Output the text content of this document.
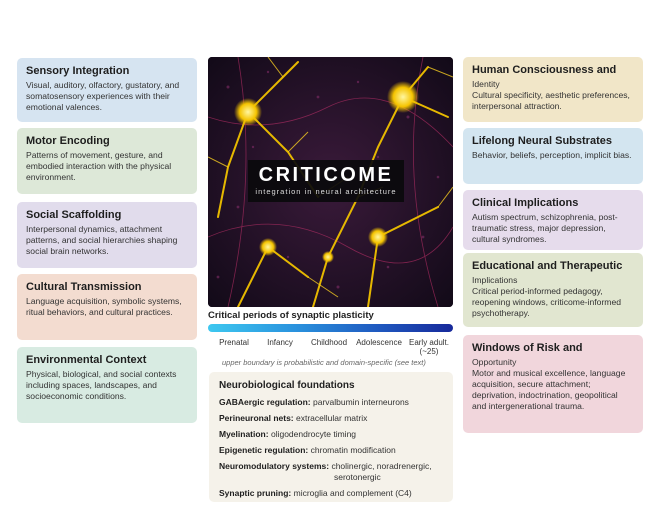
Sensory Integration

Visual, auditory, olfactory, gustatory, and somatosensory experiences with their emotional valences.

Motor Encoding

Patterns of movement, gesture, and embodied interaction with the physical environment.

Social Scaffolding

Interpersonal dynamics, attachment patterns, and social hierarchies shaping social brain networks.

Cultural Transmission

Language acquisition, symbolic systems, ritual behaviors, and cultural practices.

Environmental Context

Physical, biological, and social contexts including spaces, landscapes, and socioeconomic conditions.

Human Consciousness and

Identity

Cultural specificity, aesthetic preferences, interpersonal attraction.

Lifelong Neural Substrates

Behavior, beliefs, perception, implicit bias.

Clinical Implications

Autism spectrum, schizophrenia, post-traumatic stress, major depression, cultural syndromes.

Educational and Therapeutic

Implications

Critical period-informed pedagogy, reopening windows, criticome-informed psychotherapy.

Windows of Risk and

Opportunity

Motor and musical excellence, language acquisition, secure attachment; deprivation, indoctrination, geopolitical and intergenerational trauma.

CRITICOME
integration in neural architecture
Critical periods of synaptic plasticity
Prenatal	Infancy	Childhood	Adolescence Early adult.
(~25)
upper boundary is probabilistic and domain-specific (see text)
Neurobiological foundations
GABAergic regulation: parvalbumin interneurons
Perineuronal nets: extracellular matrix
Myelination: oligodendrocyte timing
Epigenetic regulation: chromatin modification
Neuromodulatory systems: cholinergic, noradrenergic,
serotonergic
Synaptic pruning: microglia and complement (C4)
